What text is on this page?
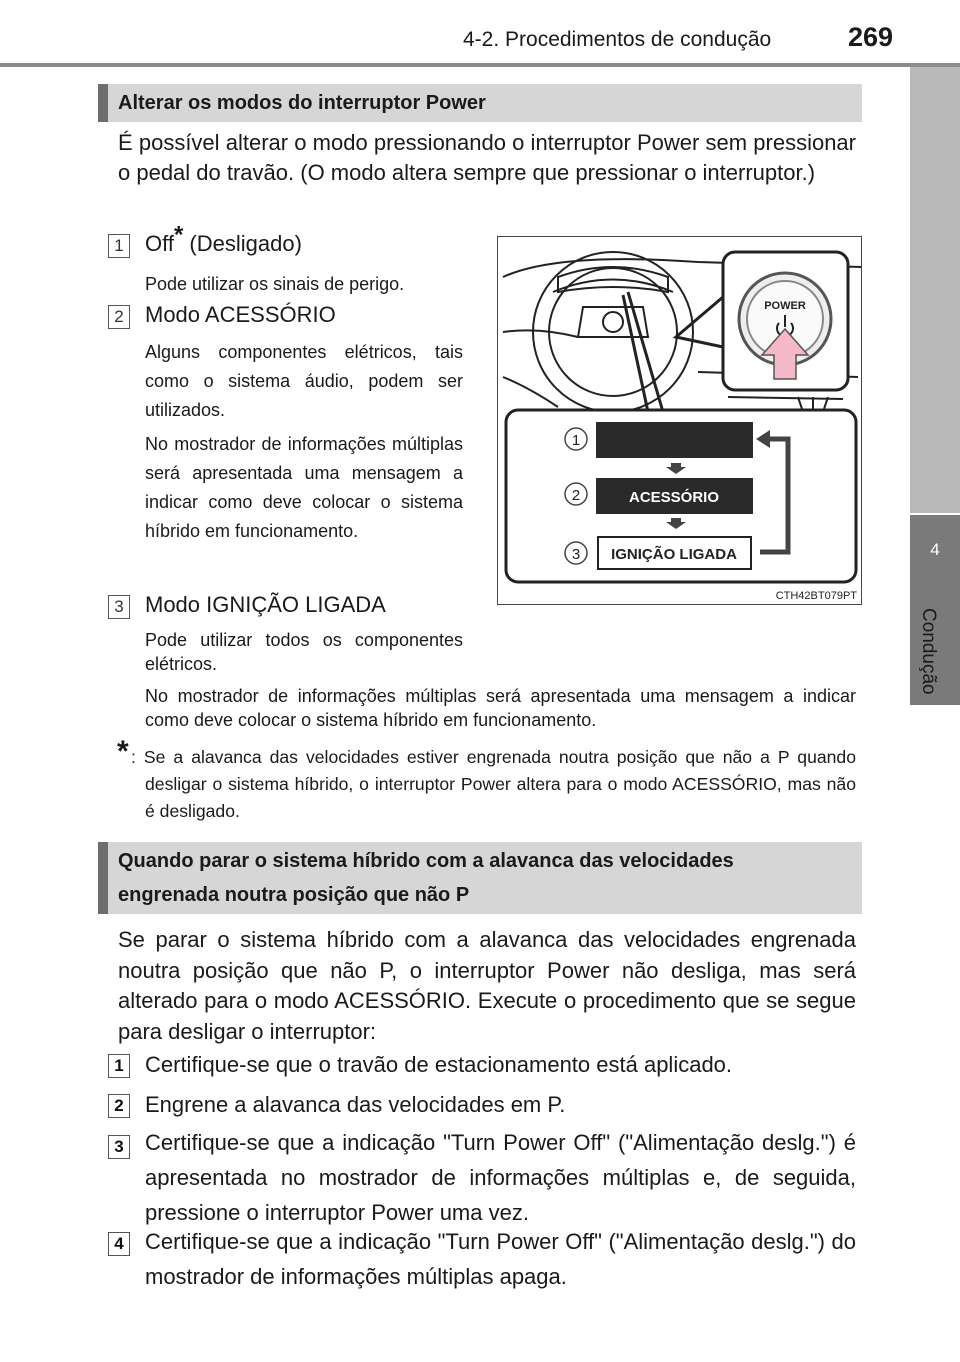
4-2. Procedimentos de condução	269
4
Condução
Alterar os modos do interruptor Power
É possível alterar o modo pressionando o interruptor Power sem pressionar o pedal do travão. (O modo altera sempre que pressionar o interruptor.)
1 Off* (Desligado)
Pode utilizar os sinais de perigo.
2 Modo ACESSÓRIO
Alguns componentes elétricos, tais como o sistema áudio, podem ser utilizados.
No mostrador de informações múltiplas será apresentada uma mensagem a indicar como deve colocar o sistema híbrido em funcionamento.
3 Modo IGNIÇÃO LIGADA
Pode utilizar todos os componentes elétricos.
No mostrador de informações múltiplas será apresentada uma mensagem a indicar como deve colocar o sistema híbrido em funcionamento.
* : Se a alavanca das velocidades estiver engrenada noutra posição que não a P quando desligar o sistema híbrido, o interruptor Power altera para o modo ACESSÓRIO, mas não é desligado.
POWER
1
2	ACESSÓRIO
3 IGNIÇÃO LIGADA
CTH42BT079PT
Quando parar o sistema híbrido com a alavanca das velocidades
engrenada noutra posição que não P
Se parar o sistema híbrido com a alavanca das velocidades engrenada noutra posição que não P, o interruptor Power não desliga, mas será alterado para o modo ACESSÓRIO. Execute o procedimento que se segue para desligar o interruptor:
1 Certifique-se que o travão de estacionamento está aplicado.
2 Engrene a alavanca das velocidades em P.
3 Certifique-se que a indicação "Turn Power Off" ("Alimentação deslg.") é apresentada no mostrador de informações múltiplas e, de seguida, pressione o interruptor Power uma vez.
4 Certifique-se que a indicação "Turn Power Off" ("Alimentação deslg.") do mostrador de informações múltiplas apaga.
